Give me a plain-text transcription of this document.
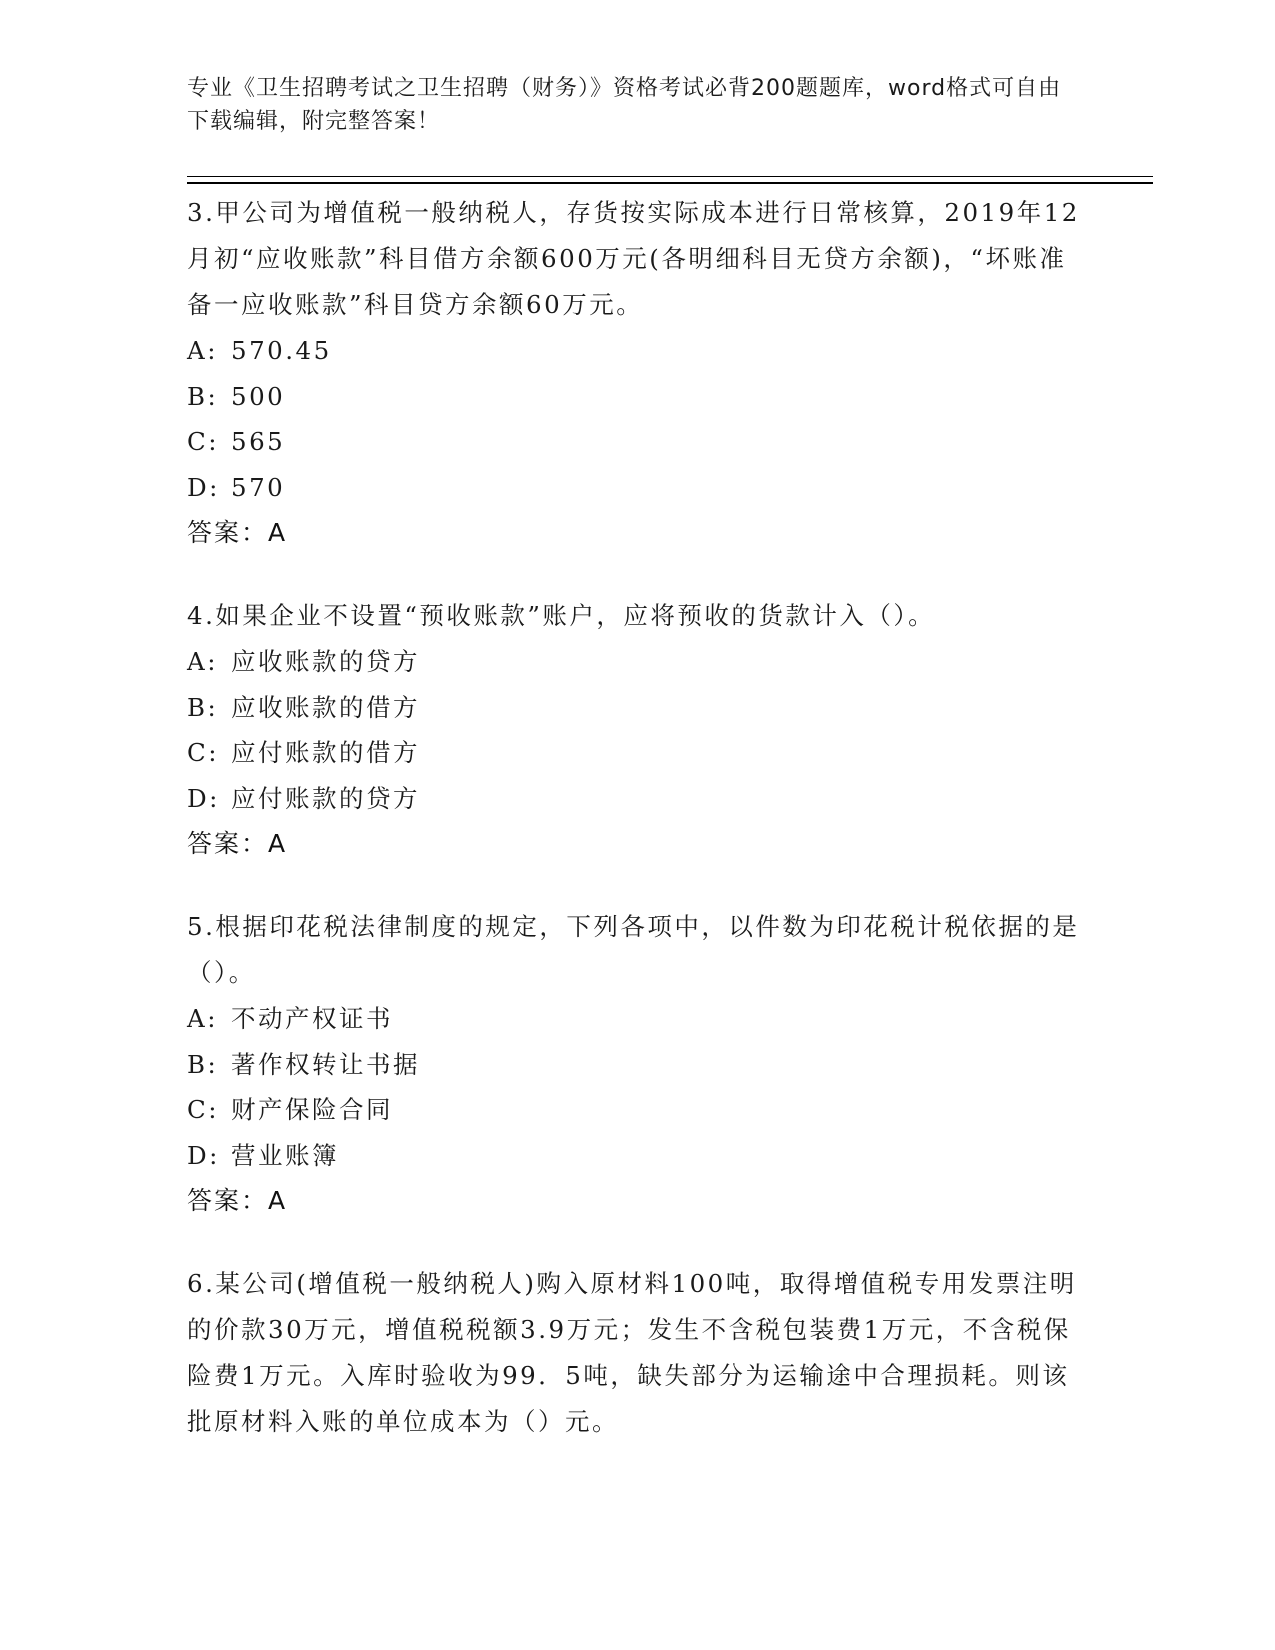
专业《卫生招聘考试之卫生招聘（财务）》资格考试必背200题题库，word格式可自由下载编辑，附完整答案！

3.甲公司为增值税一般纳税人，存货按实际成本进行日常核算，2019年12月初“应收账款”科目借方余额600万元(各明细科目无贷方余额)，“坏账准备一应收账款”科目贷方余额60万元。

A: 570.45

B: 500

C: 565

D: 570

答案：A

4.如果企业不设置“预收账款”账户，应将预收的货款计入（）。

A: 应收账款的贷方

B: 应收账款的借方

C: 应付账款的借方

D: 应付账款的贷方

答案：A

5.根据印花税法律制度的规定，下列各项中，以件数为印花税计税依据的是（）。

A: 不动产权证书

B: 著作权转让书据

C: 财产保险合同

D: 营业账簿

答案：A

6.某公司(增值税一般纳税人)购入原材料100吨，取得增值税专用发票注明的价款30万元，增值税税额3.9万元；发生不含税包装费1万元，不含税保险费1万元。入库时验收为99．5吨，缺失部分为运输途中合理损耗。则该批原材料入账的单位成本为（）元。
